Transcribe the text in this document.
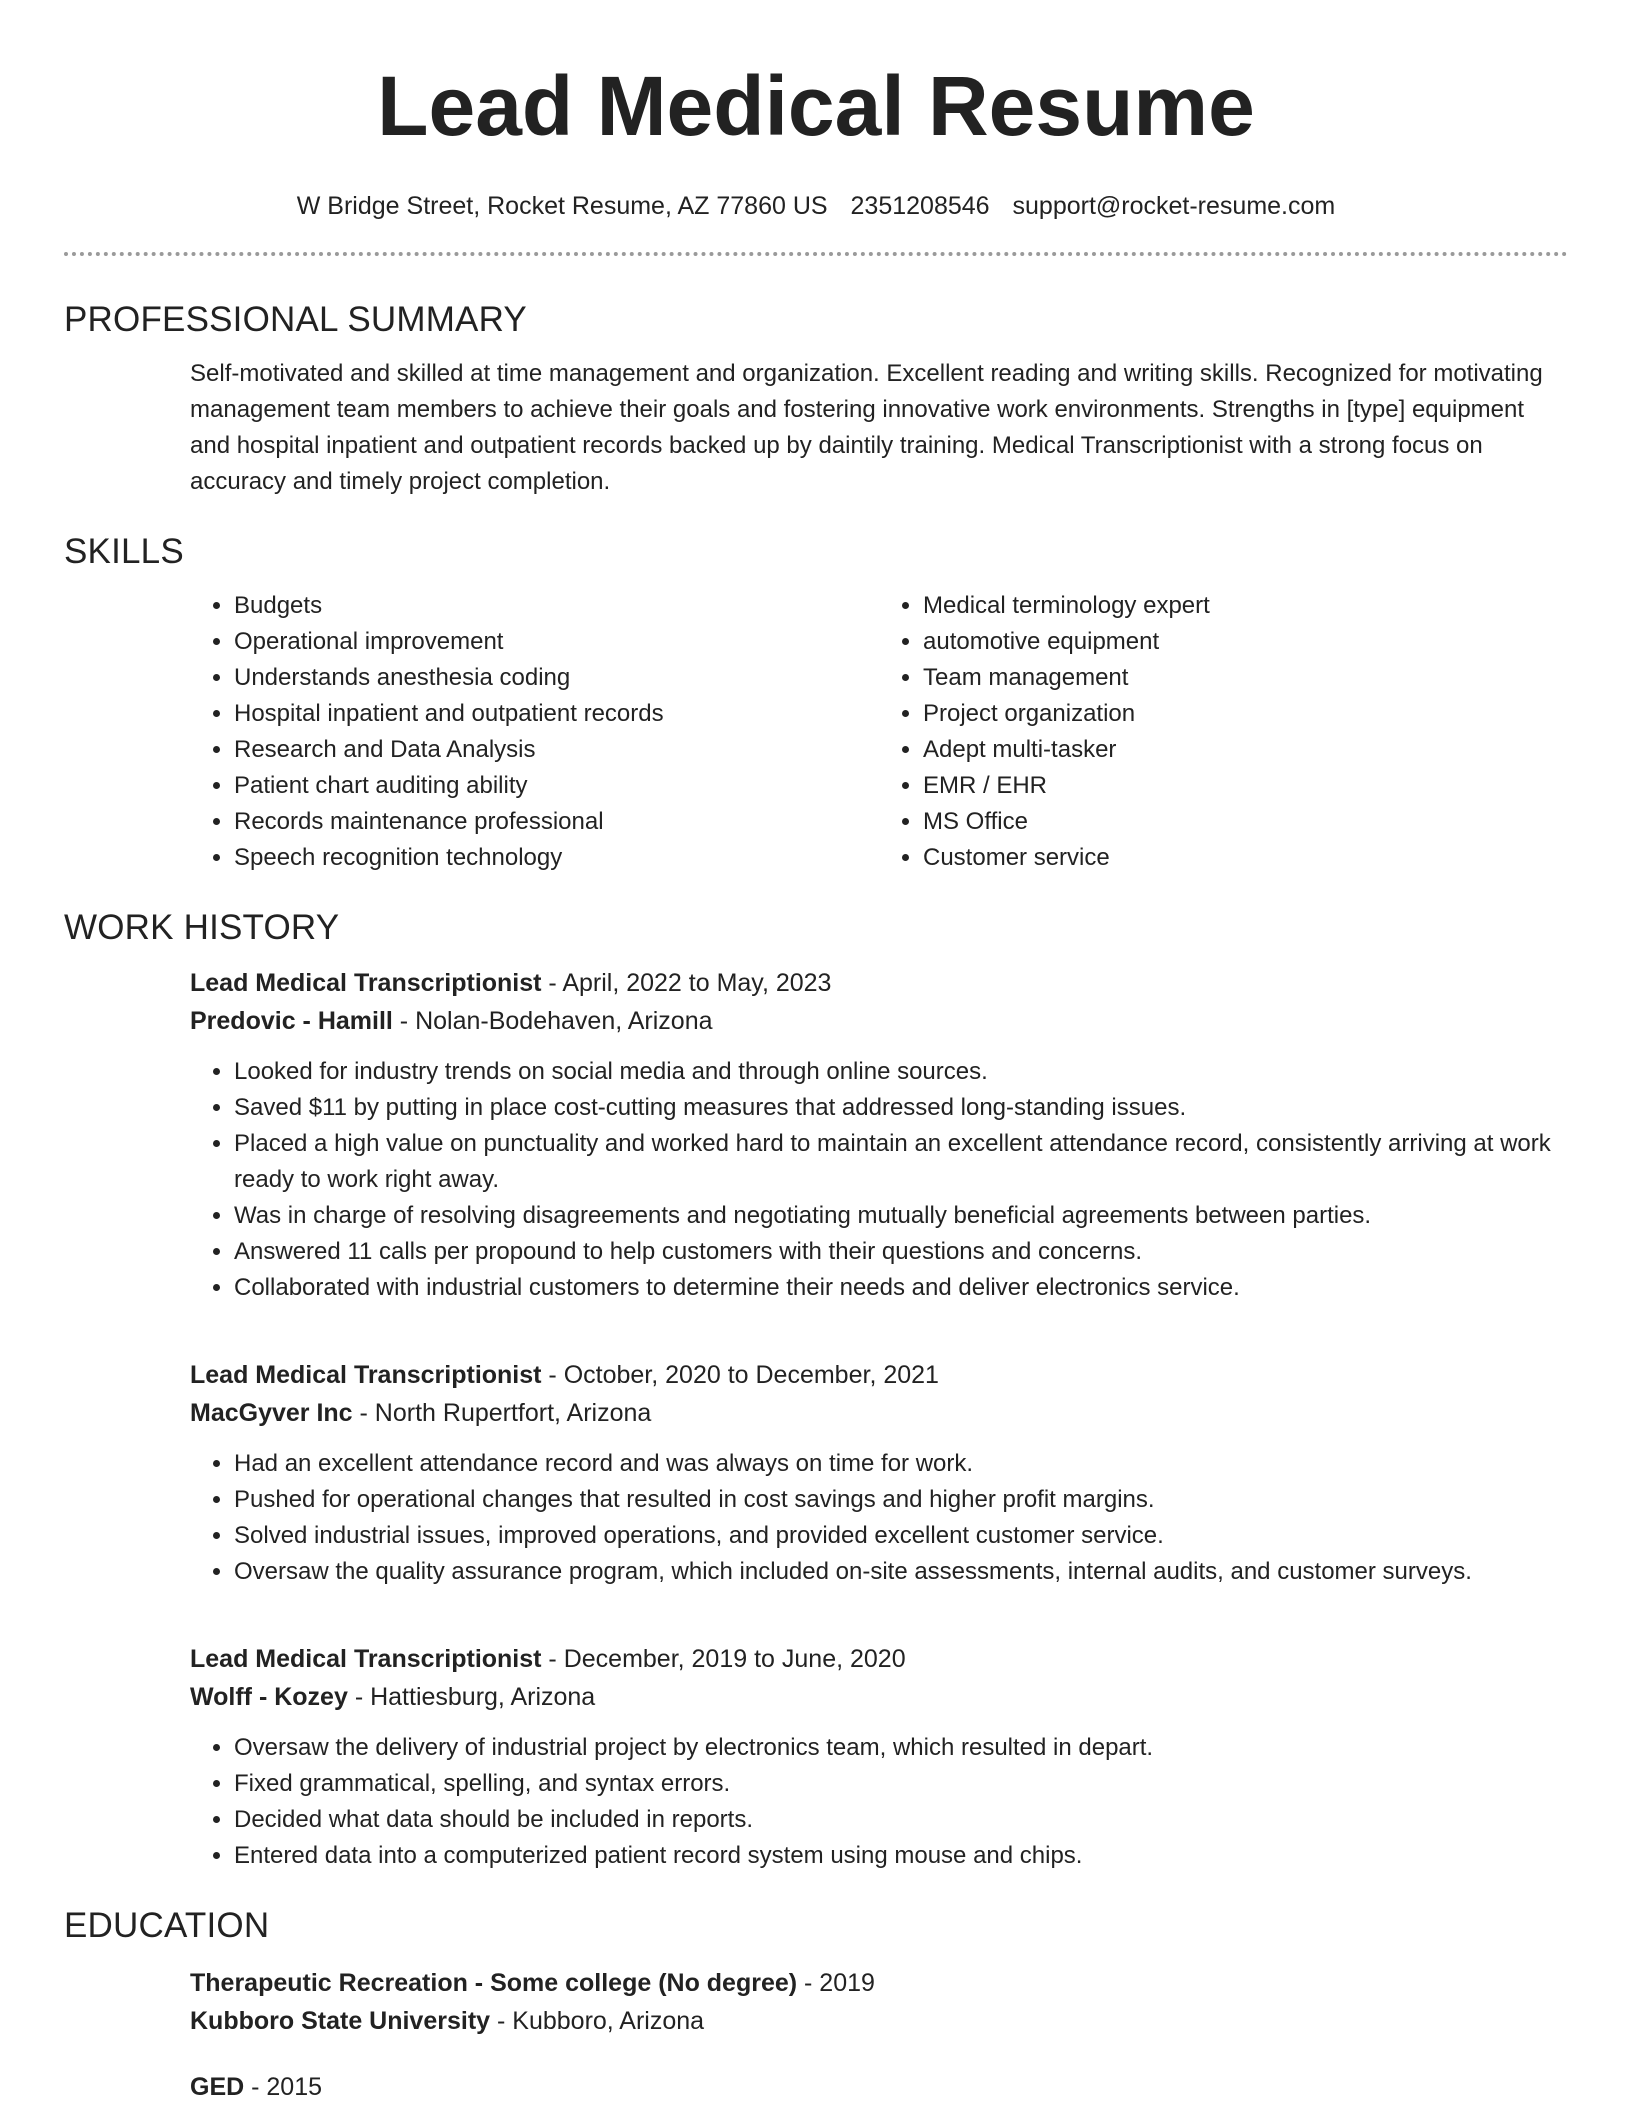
Lead Medical Resume
W Bridge Street, Rocket Resume, AZ 77860 US 2351208546 support@rocket-resume.com
PROFESSIONAL SUMMARY

Self-motivated and skilled at time management and organization. Excellent reading and writing skills. Recognized for motivating management team members to achieve their goals and fostering innovative work environments. Strengths in [type] equipment and hospital inpatient and outpatient records backed up by daintily training. Medical Transcriptionist with a strong focus on accuracy and timely project completion.

SKILLS
• Budgets
• Operational improvement
• Understands anesthesia coding
• Hospital inpatient and outpatient records
• Research and Data Analysis
• Patient chart auditing ability
• Records maintenance professional
• Speech recognition technology
• Medical terminology expert
• automotive equipment
• Team management
• Project organization
• Adept multi-tasker
• EMR / EHR
• MS Office
• Customer service
WORK HISTORY
Lead Medical Transcriptionist - April, 2022 to May, 2023
Predovic - Hamill - Nolan-Bodehaven, Arizona
• Looked for industry trends on social media and through online sources.
• Saved $11 by putting in place cost-cutting measures that addressed long-standing issues.
• Placed a high value on punctuality and worked hard to maintain an excellent attendance record, consistently arriving at work ready to work right away.
• Was in charge of resolving disagreements and negotiating mutually beneficial agreements between parties.
• Answered 11 calls per propound to help customers with their questions and concerns.
• Collaborated with industrial customers to determine their needs and deliver electronics service.
Lead Medical Transcriptionist - October, 2020 to December, 2021
MacGyver Inc - North Rupertfort, Arizona
• Had an excellent attendance record and was always on time for work.
• Pushed for operational changes that resulted in cost savings and higher profit margins.
• Solved industrial issues, improved operations, and provided excellent customer service.
• Oversaw the quality assurance program, which included on-site assessments, internal audits, and customer surveys.
Lead Medical Transcriptionist - December, 2019 to June, 2020
Wolff - Kozey - Hattiesburg, Arizona
• Oversaw the delivery of industrial project by electronics team, which resulted in depart.
• Fixed grammatical, spelling, and syntax errors.
• Decided what data should be included in reports.
• Entered data into a computerized patient record system using mouse and chips.
EDUCATION
Therapeutic Recreation - Some college (No degree) - 2019
Kubboro State University - Kubboro, Arizona
GED - 2015
